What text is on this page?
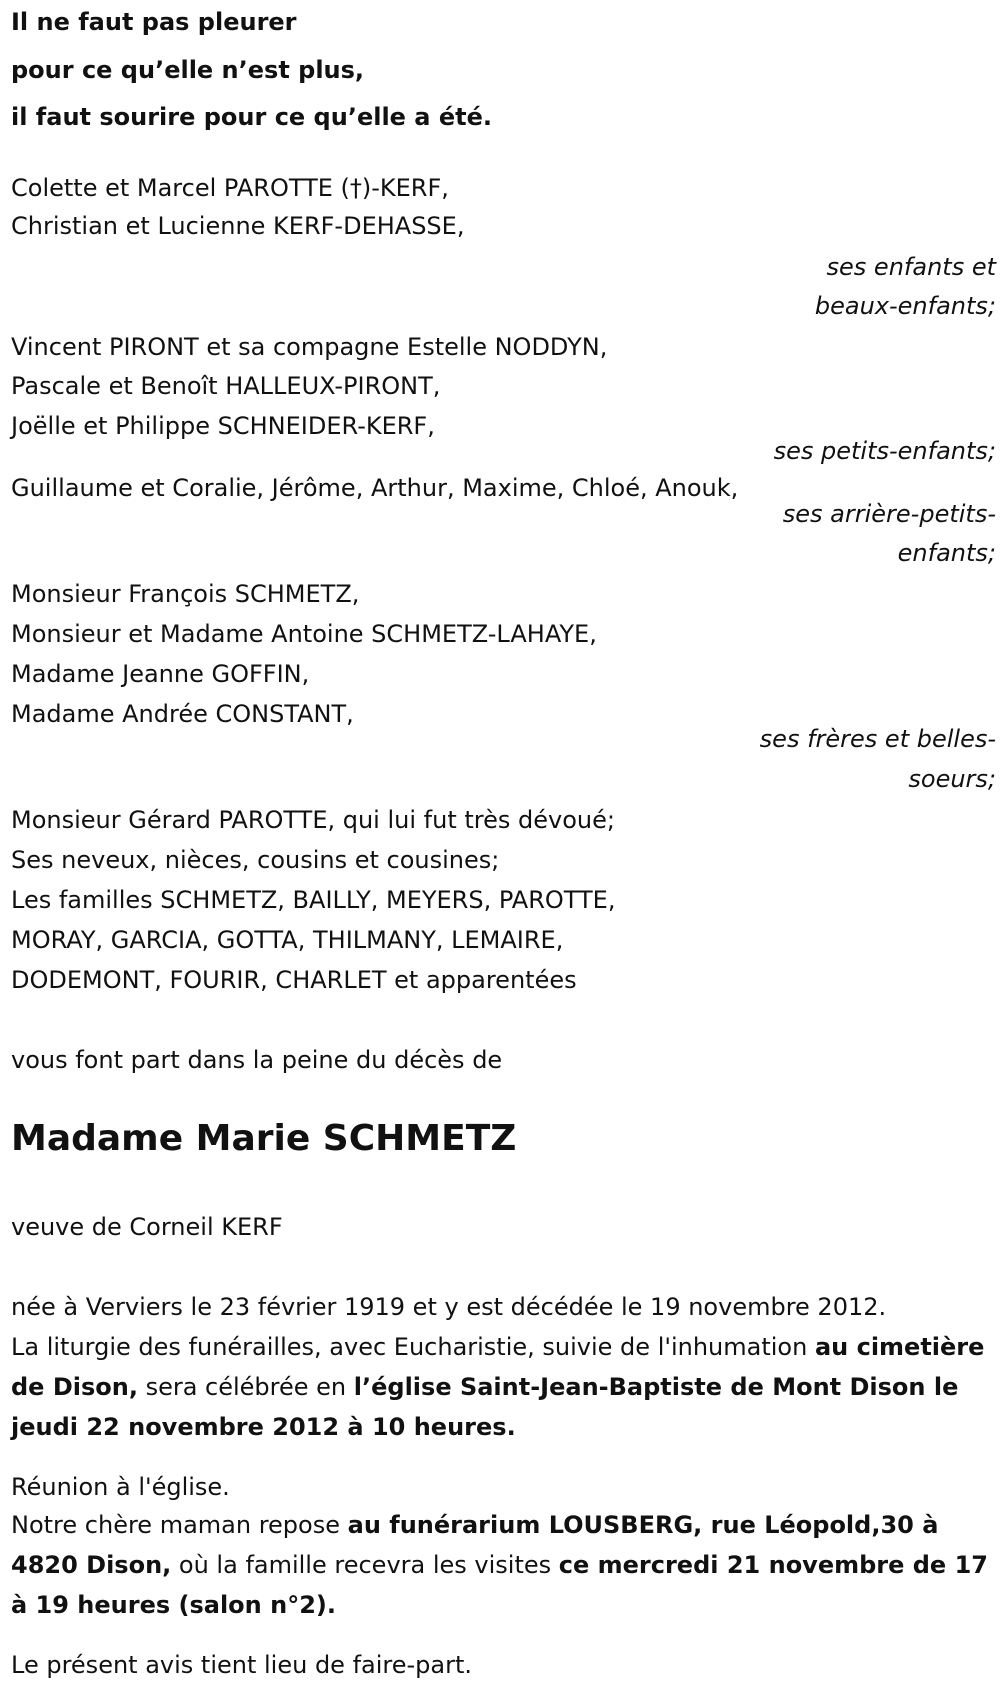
Il ne faut pas pleurer
pour ce qu’elle n’est plus,
il faut sourire pour ce qu’elle a été.
Colette et Marcel PAROTTE (†)-KERF,
Christian et Lucienne KERF-DEHASSE,
ses enfants et
beaux-enfants;
Vincent PIRONT et sa compagne Estelle NODDYN,
Pascale et Benoît HALLEUX-PIRONT,
Joëlle et Philippe SCHNEIDER-KERF,
ses petits-enfants;
Guillaume et Coralie, Jérôme, Arthur, Maxime, Chloé, Anouk,
ses arrière-petits-
enfants;
Monsieur François SCHMETZ,
Monsieur et Madame Antoine SCHMETZ-LAHAYE,
Madame Jeanne GOFFIN,
Madame Andrée CONSTANT,
ses frères et belles-
soeurs;
Monsieur Gérard PAROTTE, qui lui fut très dévoué;
Ses neveux, nièces, cousins et cousines;
Les familles SCHMETZ, BAILLY, MEYERS, PAROTTE,
MORAY, GARCIA, GOTTA, THILMANY, LEMAIRE,
DODEMONT, FOURIR, CHARLET et apparentées
vous font part dans la peine du décès de
Madame Marie SCHMETZ
veuve de Corneil KERF
née à Verviers le 23 février 1919 et y est décédée le 19 novembre 2012.
La liturgie des funérailles, avec Eucharistie, suivie de l'inhumation au cimetière de Dison, sera célébrée en l’église Saint-Jean-Baptiste de Mont Dison le jeudi 22 novembre 2012 à 10 heures.
Réunion à l'église.
Notre chère maman repose au funérarium LOUSBERG, rue Léopold,30 à 4820 Dison, où la famille recevra les visites ce mercredi 21 novembre de 17 à 19 heures (salon n°2).
Le présent avis tient lieu de faire-part.
